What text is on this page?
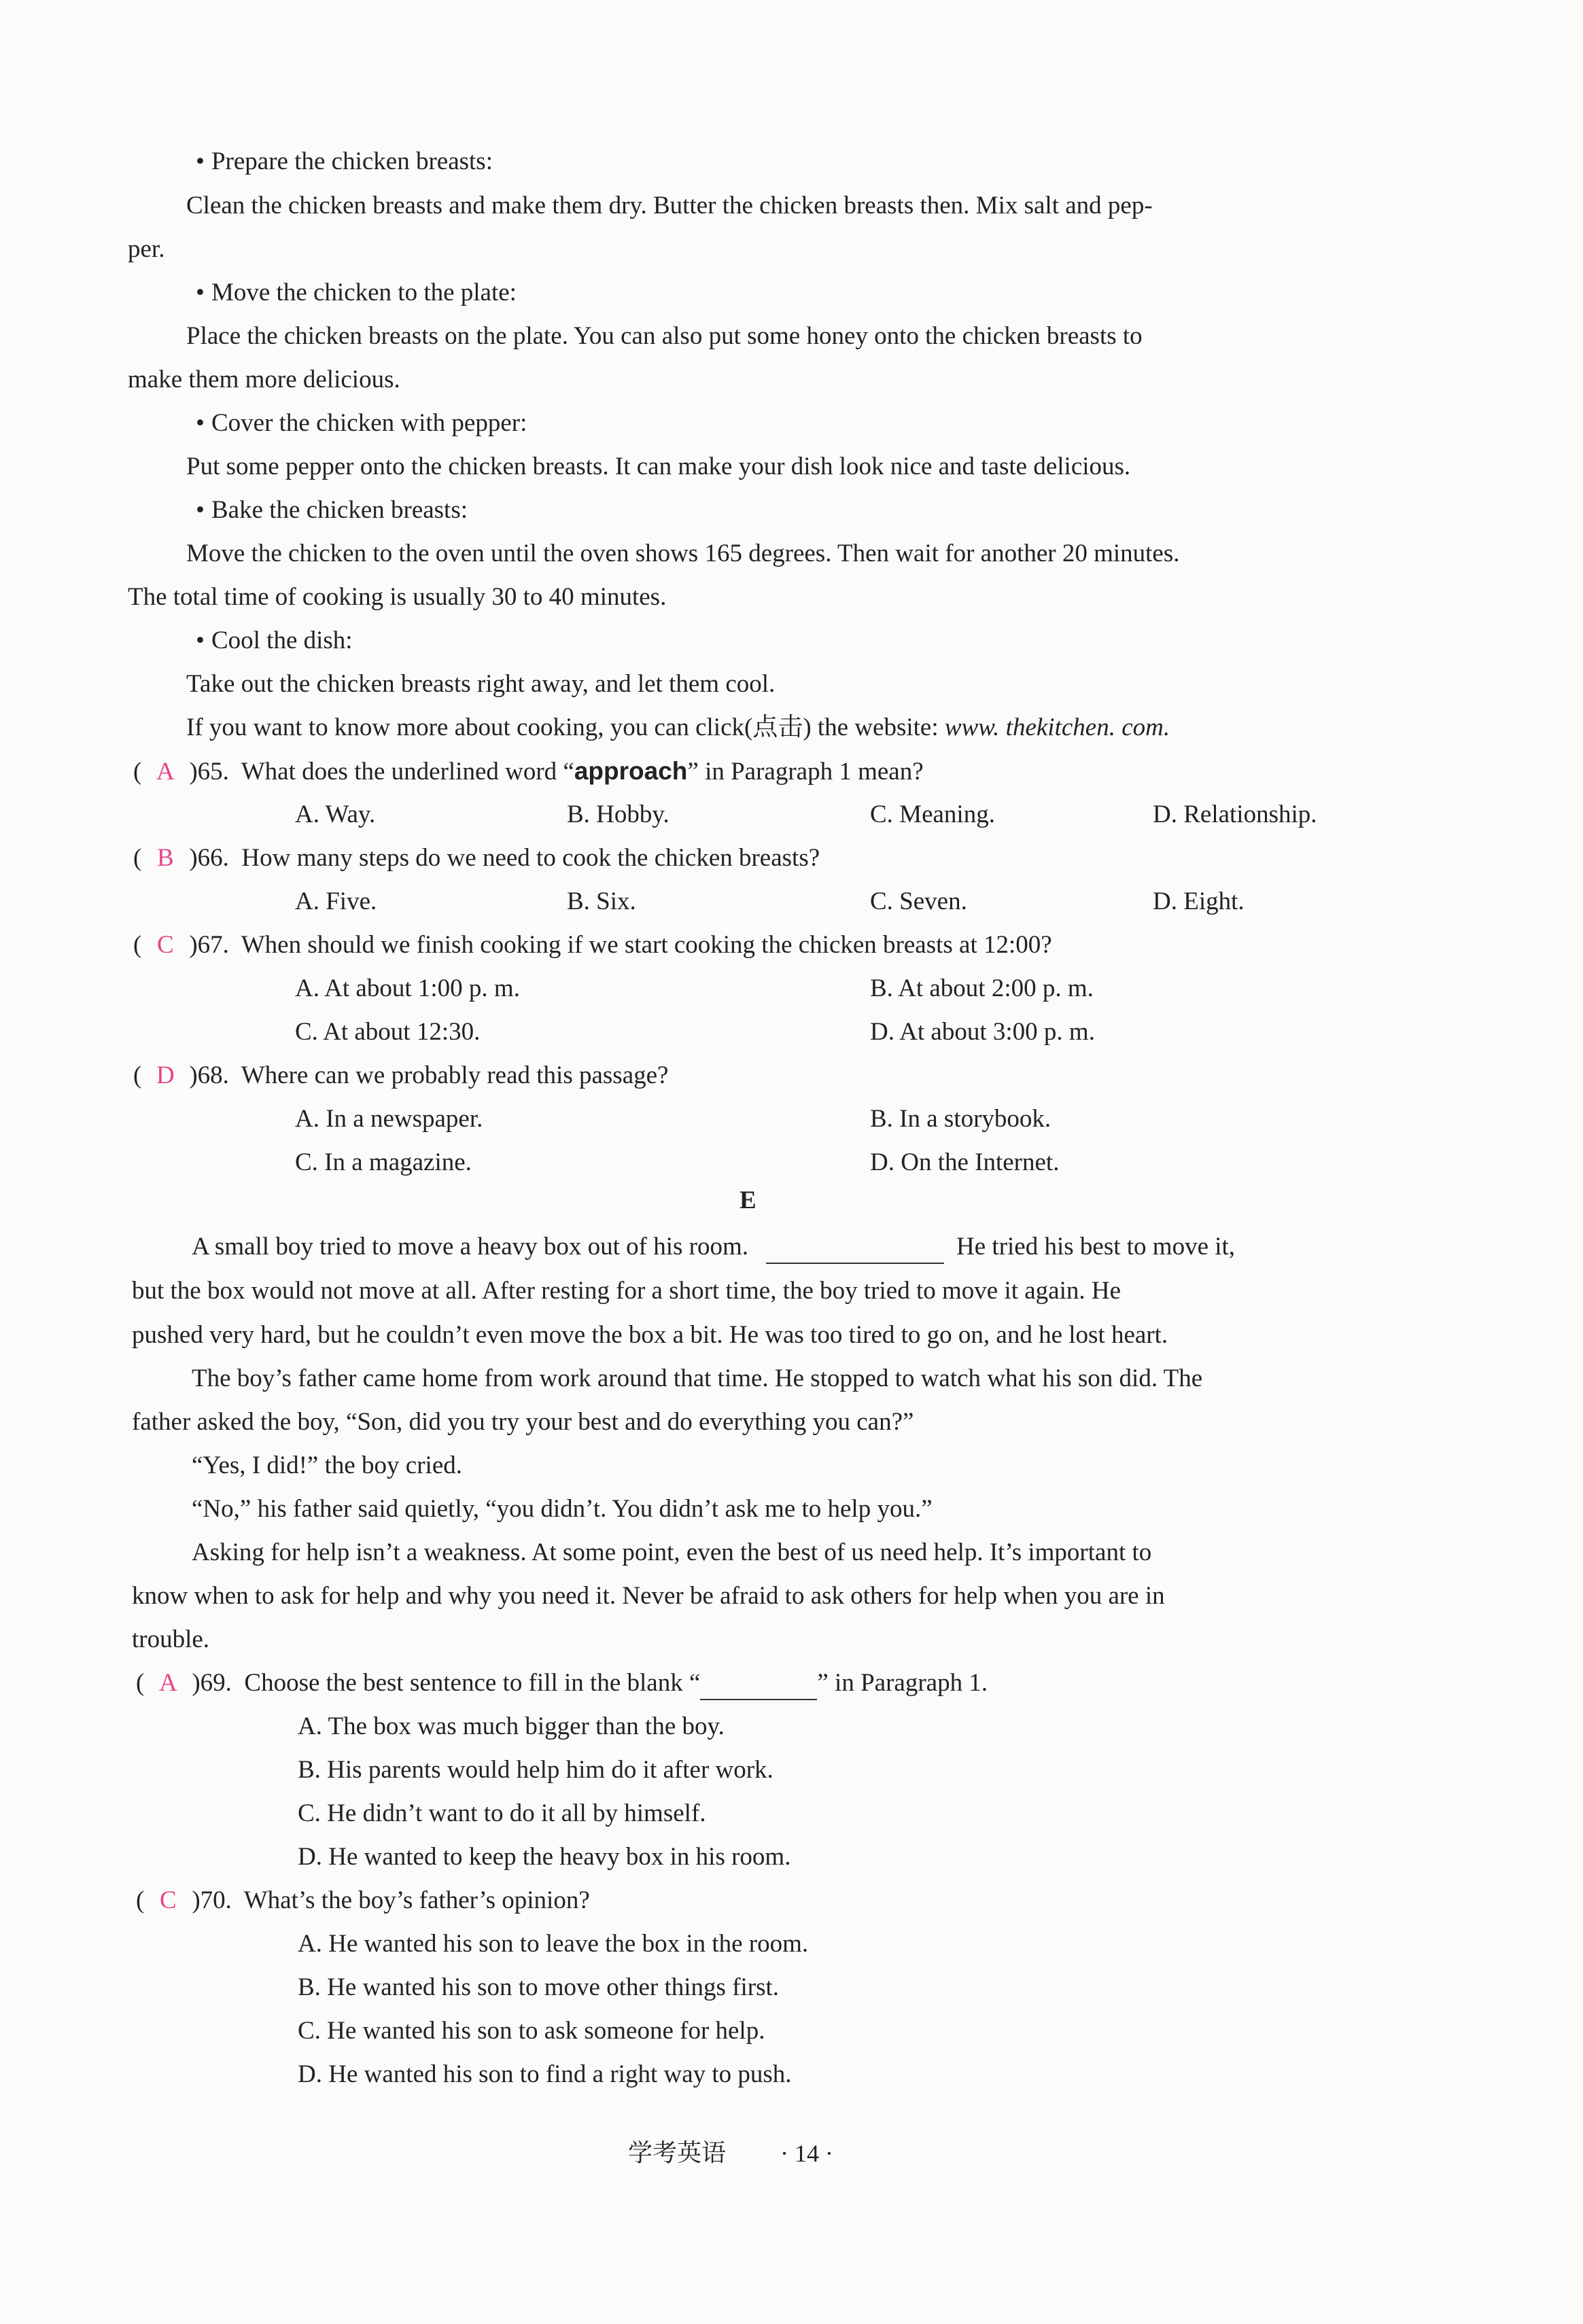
• Prepare the chicken breasts:
Clean the chicken breasts and make them dry. Butter the chicken breasts then. Mix salt and pep-
per.
• Move the chicken to the plate:
Place the chicken breasts on the plate. You can also put some honey onto the chicken breasts to
make them more delicious.
• Cover the chicken with pepper:
Put some pepper onto the chicken breasts. It can make your dish look nice and taste delicious.
• Bake the chicken breasts:
Move the chicken to the oven until the oven shows 165 degrees. Then wait for another 20 minutes.
The total time of cooking is usually 30 to 40 minutes.
• Cool the dish:
Take out the chicken breasts right away, and let them cool.
If you want to know more about cooking, you can click(点击) the website: www. thekitchen. com.
( A )65. What does the underlined word “approach” in Paragraph 1 mean?
A. Way.	B. Hobby.	C. Meaning.	D. Relationship.
( B )66. How many steps do we need to cook the chicken breasts?
A. Five.	B. Six.	C. Seven.	D. Eight.
( C )67. When should we finish cooking if we start cooking the chicken breasts at 12:00?
A. At about 1:00 p. m.	B. At about 2:00 p. m.
C. At about 12:30.	D. At about 3:00 p. m.
( D )68. Where can we probably read this passage?
A. In a newspaper.	B. In a storybook.
C. In a magazine.	D. On the Internet.
E
A small boy tried to move a heavy box out of his room.	He tried his best to move it,
but the box would not move at all. After resting for a short time, the boy tried to move it again. He
pushed very hard, but he couldn’t even move the box a bit. He was too tired to go on, and he lost heart.
The boy’s father came home from work around that time. He stopped to watch what his son did. The
father asked the boy, “Son, did you try your best and do everything you can?”
“Yes, I did!” the boy cried.
“No,” his father said quietly, “you didn’t. You didn’t ask me to help you.”
Asking for help isn’t a weakness. At some point, even the best of us need help. It’s important to
know when to ask for help and why you need it. Never be afraid to ask others for help when you are in
trouble.
( A )69. Choose the best sentence to fill in the blank “	” in Paragraph 1.
A. The box was much bigger than the boy.
B. His parents would help him do it after work.
C. He didn’t want to do it all by himself.
D. He wanted to keep the heavy box in his room.
( C )70. What’s the boy’s father’s opinion?
A. He wanted his son to leave the box in the room.
B. He wanted his son to move other things first.
C. He wanted his son to ask someone for help.
D. He wanted his son to find a right way to push.
学考英语 · 14 ·
